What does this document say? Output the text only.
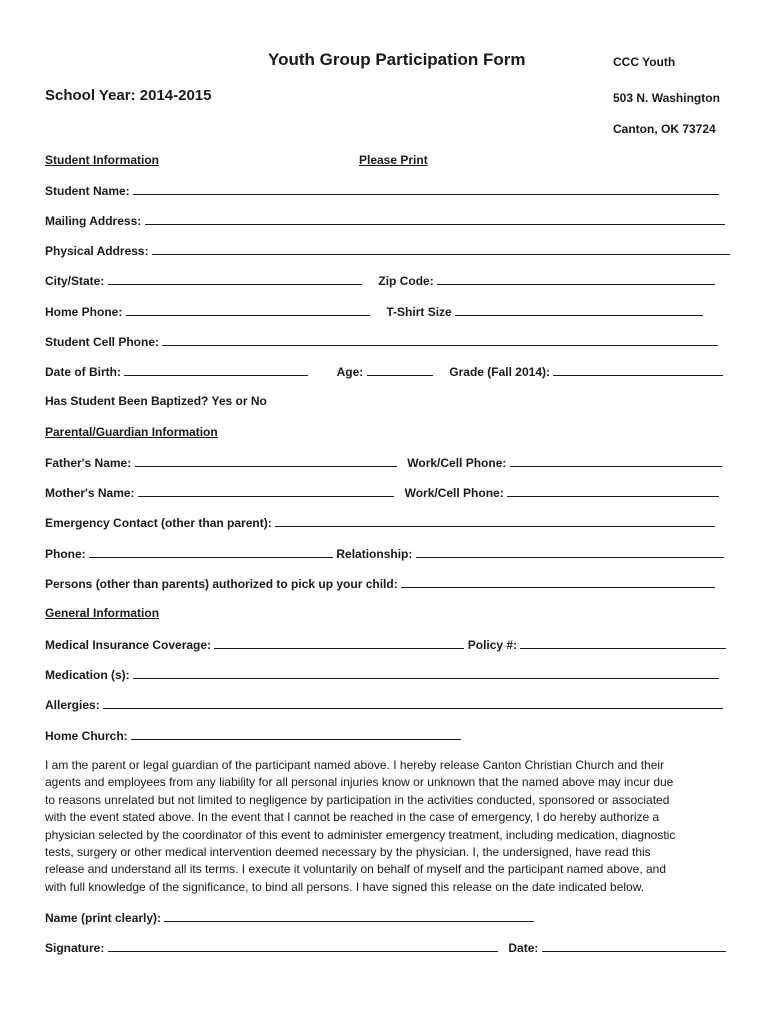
Youth Group Participation Form
School Year: 2014-2015
CCC Youth
503 N. Washington
Canton, OK 73724
Student Information	Please Print
Student Name:
Mailing Address:
Physical Address:
City/State:	Zip Code:
Home Phone:	T-Shirt Size
Student Cell Phone:
Date of Birth:	Age:	Grade (Fall 2014):
Has Student Been Baptized? Yes or No
Parental/Guardian Information
Father's Name:	Work/Cell Phone:
Mother's Name:	Work/Cell Phone:
Emergency Contact (other than parent):
Phone:	Relationship:
Persons (other than parents) authorized to pick up your child:
General Information
Medical Insurance Coverage:	Policy #:
Medication (s):
Allergies:
Home Church:
I am the parent or legal guardian of the participant named above. I hereby release Canton Christian Church and their
agents and employees from any liability for all personal injuries know or unknown that the named above may incur due
to reasons unrelated but not limited to negligence by participation in the activities conducted, sponsored or associated
with the event stated above. In the event that I cannot be reached in the case of emergency, I do hereby authorize a
physician selected by the coordinator of this event to administer emergency treatment, including medication, diagnostic
tests, surgery or other medical intervention deemed necessary by the physician. I, the undersigned, have read this
release and understand all its terms. I execute it voluntarily on behalf of myself and the participant named above, and
with full knowledge of the significance, to bind all persons. I have signed this release on the date indicated below.
Name (print clearly):
Signature:	Date:
